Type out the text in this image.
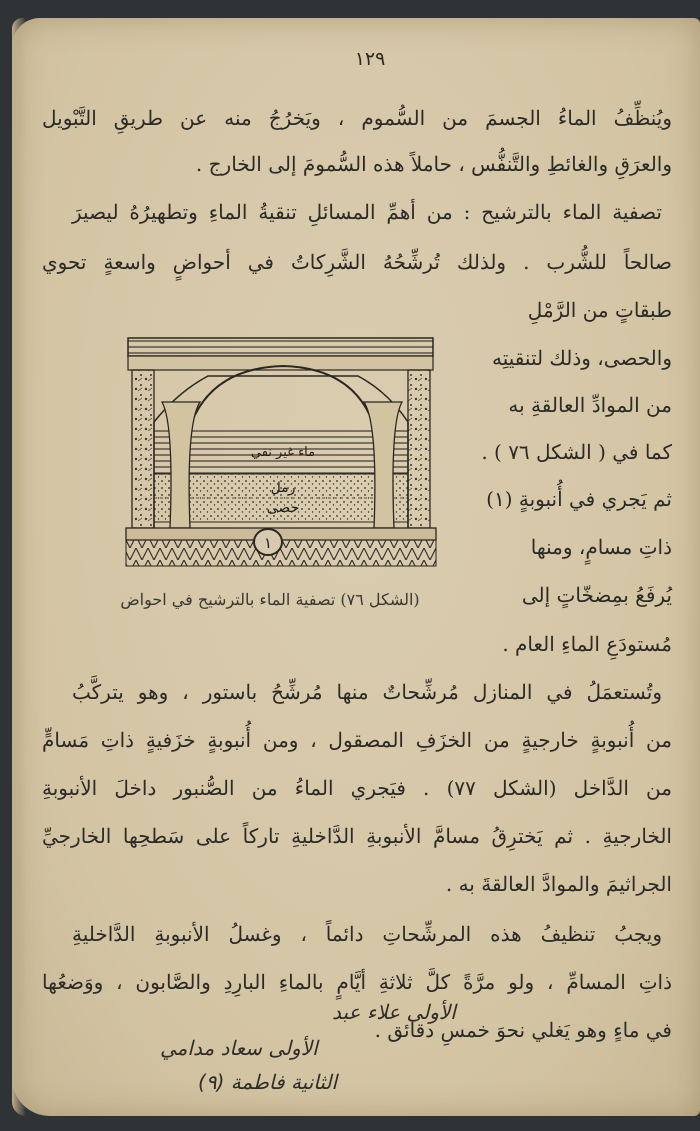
١٢٩
ويُنظِّفُ الماءُ الجسمَ من السُّموم ، ويَخرُجُ منه عن طريقِ التَّبْويل
والعرَقِ والغائطِ والتَّنفُّس ، حاملاً هذه السُّمومَ إلى الخارج .
تصفية الماء بالترشيح : من أهمِّ المسائلِ تنقيةُ الماءِ وتطهيرُهُ ليصيرَ
صالحاً للشُّرب . ولذلك تُرشِّحُهُ الشَّرِكاتُ في أحواضٍ واسعةٍ تحوي
طبقاتٍ من الرَّمْلِ
والحصى، وذلك لتنقيتِه
من الموادِّ العالقةِ به
كما في ( الشكل ٧٦ ) .
ثم يَجري في أُنبوبةٍ (١)
ذاتِ مسامٍ، ومنها
يُرفَعُ بمِضخّاتٍ إلى
مُستودَعِ الماءِ العام .
ماء غير نقي
رمل
حصى
١
(الشكل ٧٦) تصفية الماء بالترشيح في احواض
وتُستعمَلُ في المنازل مُرشِّحاتٌ منها مُرشِّحُ باستور ، وهو يتركَّبُ
من أُنبوبةٍ خارجيةٍ من الخزَفِ المصقول ، ومن أُنبوبةٍ خزَفيةٍ ذاتِ مَسامٍّ
من الدَّاخل (الشكل ٧٧) . فيَجري الماءُ من الصُّنبور داخلَ الأنبوبةِ
الخارجيةِ . ثم يَخترِقُ مسامَّ الأنبوبةِ الدَّاخليةِ تاركاً على سَطحِها الخارجيِّ
الجراثيمَ والموادَّ العالقةَ به .
ويجبُ تنظيفُ هذه المرشِّحاتِ دائماً ، وغسلُ الأنبوبةِ الدَّاخليةِ
ذاتِ المسامِّ ، ولو مرَّةً كلَّ ثلاثةِ أيَّامٍ بالماءِ البارِدِ والصَّابون ، ووَضعُها
في ماءٍ وهو يَغلي نحوَ خمسِ دقائق .
الأولى علاء عبد
الأولى سعاد مدامي
الثانية فاطمة (٩)
